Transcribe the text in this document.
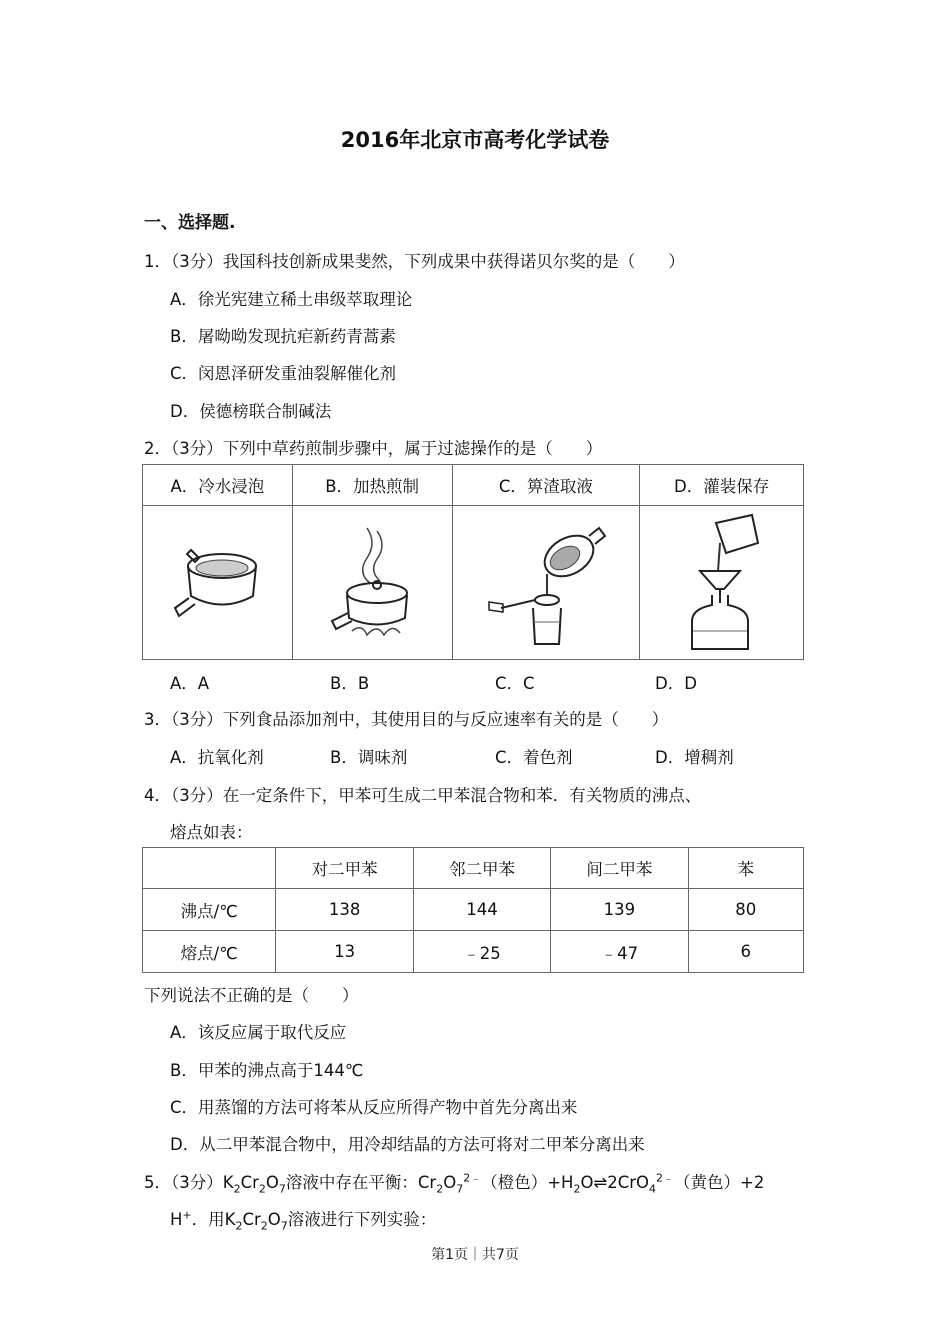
2016年北京市高考化学试卷
一、选择题.
1．（3分）我国科技创新成果斐然，下列成果中获得诺贝尔奖的是（　　）
A．徐光宪建立稀土串级萃取理论
B．屠呦呦发现抗疟新药青蒿素
C．闵恩泽研发重油裂解催化剂
D．侯德榜联合制碱法
2．（3分）下列中草药煎制步骤中，属于过滤操作的是（　　）
A．冷水浸泡	B．加热煎制	C．箅渣取液	D．灌装保存

A．A	B．B	C．C	D．D
3．（3分）下列食品添加剂中，其使用目的与反应速率有关的是（　　）
A．抗氧化剂	B．调味剂	C．着色剂	D．增稠剂
4．（3分）在一定条件下，甲苯可生成二甲苯混合物和苯．有关物质的沸点、
熔点如表：
	对二甲苯	邻二甲苯	间二甲苯	苯
沸点/℃	138	144	139	80
熔点/℃	13	﹣25	﹣47	6
下列说法不正确的是（　　）
A．该反应属于取代反应
B．甲苯的沸点高于144℃
C．用蒸馏的方法可将苯从反应所得产物中首先分离出来
D．从二甲苯混合物中，用冷却结晶的方法可将对二甲苯分离出来
5．（3分）$K_2Cr_2O_7$溶液中存在平衡：$Cr_2O_7^{2﹣}$（橙色）$+H_2O\rightleftharpoons 2CrO_4^{2﹣}$（黄色）+2
H+．用$K_2Cr_2O_7$溶液进行下列实验：
第1页｜共7页
